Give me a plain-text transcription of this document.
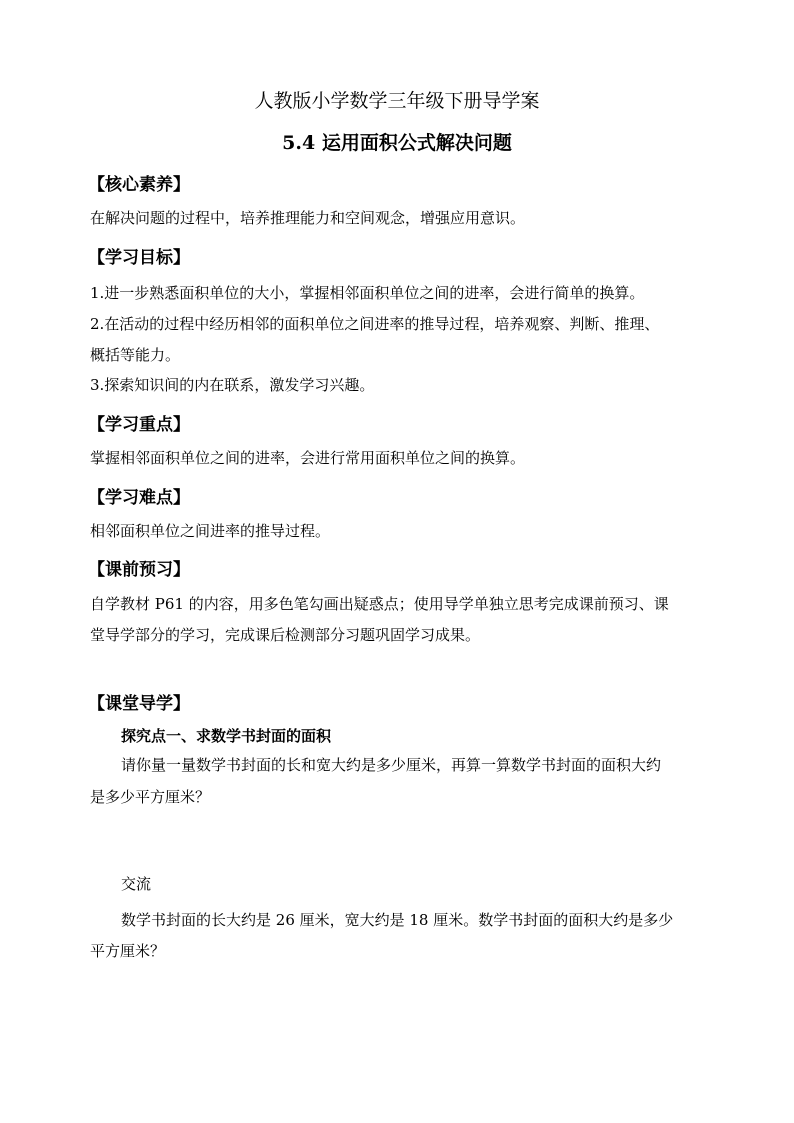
人教版小学数学三年级下册导学案
5.4 运用面积公式解决问题
【核心素养】
在解决问题的过程中，培养推理能力和空间观念，增强应用意识。
【学习目标】
1.进一步熟悉面积单位的大小，掌握相邻面积单位之间的进率，会进行简单的换算。
2.在活动的过程中经历相邻的面积单位之间进率的推导过程，培养观察、判断、推理、
概括等能力。
3.探索知识间的内在联系，激发学习兴趣。
【学习重点】
掌握相邻面积单位之间的进率，会进行常用面积单位之间的换算。
【学习难点】
相邻面积单位之间进率的推导过程。
【课前预习】
自学教材 P61 的内容，用多色笔勾画出疑惑点；使用导学单独立思考完成课前预习、课
堂导学部分的学习，完成课后检测部分习题巩固学习成果。
【课堂导学】
探究点一、求数学书封面的面积
请你量一量数学书封面的长和宽大约是多少厘米，再算一算数学书封面的面积大约
是多少平方厘米？
交流
数学书封面的长大约是 26 厘米，宽大约是 18 厘米。数学书封面的面积大约是多少
平方厘米？
